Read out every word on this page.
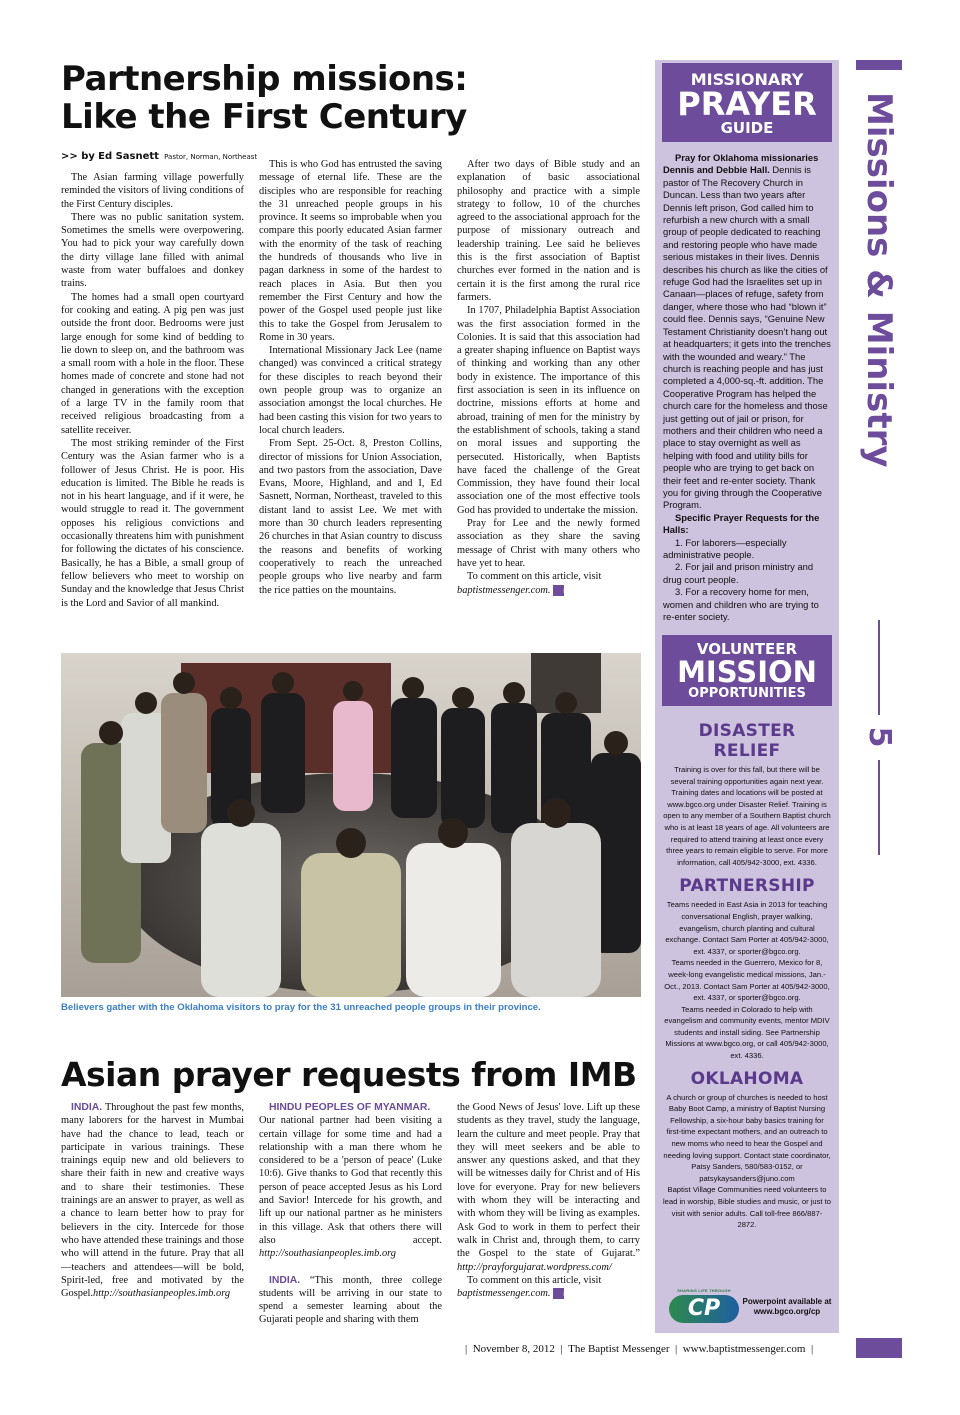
Partnership missions:
Like the First Century
>> by Ed Sasnett Pastor, Norman, Northeast

The Asian farming village powerfully reminded the visitors of living conditions of the First Century disciples.

There was no public sanitation system. Sometimes the smells were overpowering. You had to pick your way carefully down the dirty village lane filled with animal waste from water buffaloes and donkey trains.

The homes had a small open courtyard for cooking and eating. A pig pen was just outside the front door. Bedrooms were just large enough for some kind of bedding to lie down to sleep on, and the bathroom was a small room with a hole in the floor. These homes made of concrete and stone had not changed in generations with the exception of a large TV in the family room that received religious broadcasting from a satellite receiver.

The most striking reminder of the First Century was the Asian farmer who is a follower of Jesus Christ. He is poor. His education is limited. The Bible he reads is not in his heart language, and if it were, he would struggle to read it. The government opposes his religious convictions and occasionally threatens him with punishment for following the dictates of his conscience. Basically, he has a Bible, a small group of fellow believers who meet to worship on Sunday and the knowledge that Jesus Christ is the Lord and Savior of all mankind.

This is who God has entrusted the saving message of eternal life. These are the disciples who are responsible for reaching the 31 unreached people groups in his province. It seems so improbable when you compare this poorly educated Asian farmer with the enormity of the task of reaching the hundreds of thousands who live in pagan darkness in some of the hardest to reach places in Asia. But then you remember the First Century and how the power of the Gospel used people just like this to take the Gospel from Jerusalem to Rome in 30 years.

International Missionary Jack Lee (name changed) was convinced a critical strategy for these disciples to reach beyond their own people group was to organize an association amongst the local churches. He had been casting this vision for two years to local church leaders.

From Sept. 25-Oct. 8, Preston Collins, director of missions for Union Association, and two pastors from the association, Dave Evans, Moore, Highland, and and I, Ed Sasnett, Norman, Northeast, traveled to this distant land to assist Lee. We met with more than 30 church leaders representing 26 churches in that Asian country to discuss the reasons and benefits of working cooperatively to reach the unreached people groups who live nearby and farm the rice patties on the mountains.

After two days of Bible study and an explanation of basic associational philosophy and practice with a simple strategy to follow, 10 of the churches agreed to the associational approach for the purpose of missionary outreach and leadership training. Lee said he believes this is the first association of Baptist churches ever formed in the nation and is certain it is the first among the rural rice farmers.

In 1707, Philadelphia Baptist Association was the first association formed in the Colonies. It is said that this association had a greater shaping influence on Baptist ways of thinking and working than any other body in existence. The importance of this first association is seen in its influence on doctrine, missions efforts at home and abroad, training of men for the ministry by the establishment of schools, taking a stand on moral issues and supporting the persecuted. Historically, when Baptists have faced the challenge of the Great Commission, they have found their local association one of the most effective tools God has provided to undertake the mission.

Pray for Lee and the newly formed association as they share the saving message of Christ with many others who have yet to hear.

To comment on this article, visit
baptistmessenger.com. m

Believers gather with the Oklahoma visitors to pray for the 31 unreached people groups in their province.
Asian prayer requests from IMB

INDIA. Throughout the past few months, many laborers for the harvest in Mumbai have had the chance to lead, teach or participate in various trainings. These trainings equip new and old believers to share their faith in new and creative ways and to share their testimonies. These trainings are an answer to prayer, as well as a chance to learn better how to pray for believers in the city. Intercede for those who have attended these trainings and those who will attend in the future. Pray that all—teachers and attendees—will be bold, Spirit-led, free and motivated by the Gospel.http://southasianpeoples.imb.org

HINDU PEOPLES OF MYANMAR.
Our national partner had been visiting a certain village for some time and had a relationship with a man there whom he considered to be a 'person of peace' (Luke 10:6). Give thanks to God that recently this person of peace accepted Jesus as his Lord and Savior! Intercede for his growth, and lift up our national partner as he ministers in this village. Ask that others there will also accept. http://southasianpeoples.imb.org

INDIA. “This month, three college students will be arriving in our state to spend a semester learning about the Gujarati people and sharing with them

the Good News of Jesus' love. Lift up these students as they travel, study the language, learn the culture and meet people. Pray that they will meet seekers and be able to answer any questions asked, and that they will be witnesses daily for Christ and of His love for everyone. Pray for new believers with whom they will be interacting and with whom they will be living as examples. Ask God to work in them to perfect their walk in Christ and, through them, to carry the Gospel to the state of Gujarat.” http://prayforgujarat.wordpress.com/

To comment on this article, visit
baptistmessenger.com. m

MISSIONARY
PRAYER
GUIDE

Pray for Oklahoma missionaries Dennis and Debbie Hall. Dennis is pastor of The Recovery Church in Duncan. Less than two years after Dennis left prison, God called him to refurbish a new church with a small group of people dedicated to reaching and restoring people who have made serious mistakes in their lives. Dennis describes his church as like the cities of refuge God had the Israelites set up in Canaan—places of refuge, safety from danger, where those who had “blown it” could flee. Dennis says, “Genuine New Testament Christianity doesn’t hang out at headquarters; it gets into the trenches with the wounded and weary.” The church is reaching people and has just completed a 4,000-sq.-ft. addition. The Cooperative Program has helped the church care for the homeless and those just getting out of jail or prison, for mothers and their children who need a place to stay overnight as well as helping with food and utility bills for people who are trying to get back on their feet and re-enter society. Thank you for giving through the Cooperative Program.

Specific Prayer Requests for the Halls:

1. For laborers—especially administrative people.

2. For jail and prison ministry and drug court people.

3. For a recovery home for men, women and children who are trying to re-enter society.

VOLUNTEER
MISSION
OPPORTUNITIES
DISASTER RELIEF

Training is over for this fall, but there will be several training opportunities again next year. Training dates and locations will be posted at www.bgco.org under Disaster Relief. Training is open to any member of a Southern Baptist church who is at least 18 years of age. All volunteers are required to attend training at least once every three years to remain eligible to serve. For more information, call 405/942-3000, ext. 4336.

PARTNERSHIP

Teams needed in East Asia in 2013 for teaching conversational English, prayer walking, evangelism, church planting and cultural exchange. Contact Sam Porter at 405/942-3000, ext. 4337, or sporter@bgco.org.

Teams needed in the Guerrero, Mexico for 8, week-long evangelistic medical missions, Jan.-Oct., 2013. Contact Sam Porter at 405/942-3000, ext. 4337, or sporter@bgco.org.

Teams needed in Colorado to help with evangelism and community events, mentor MDIV students and install siding. See Partnership Missions at www.bgco.org, or call 405/942-3000, ext. 4336.

OKLAHOMA

A church or group of churches is needed to host Baby Boot Camp, a ministry of Baptist Nursing Fellowship, a six-hour baby basics training for first-time expectant mothers, and an outreach to new moms who need to hear the Gospel and needing loving support. Contact state coordinator, Patsy Sanders, 580/583-0152, or patsykaysanders@juno.com

Baptist Village Communities need volunteers to lead in worship, Bible studies and music, or just to visit with senior adults. Call toll-free 866/887-2872.

SHARING LIFE THROUGH
CP	Powerpoint available at
www.bgco.org/cp
Missions & Ministry
5
|  November 8, 2012  |  The Baptist Messenger  |  www.baptistmessenger.com  |
